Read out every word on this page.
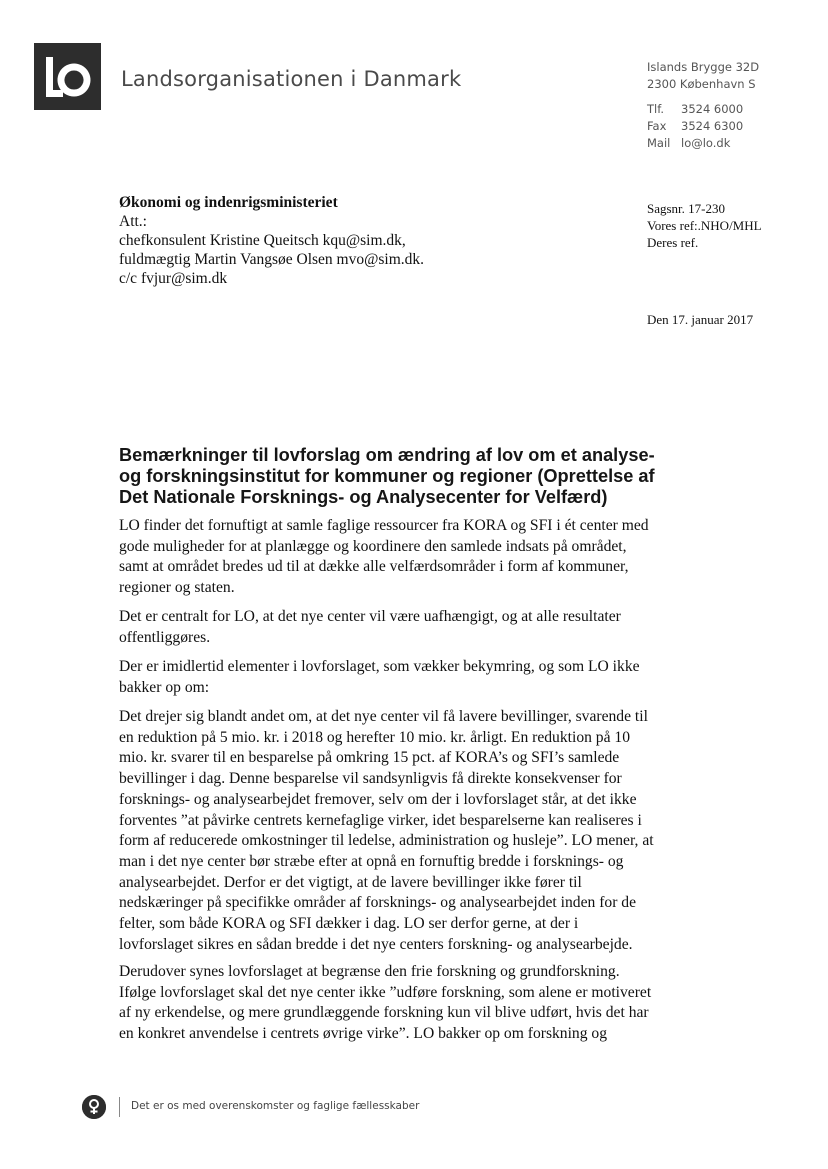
Landsorganisationen i Danmark	Islands Brygge 32D
2300 København S
Tlf. 3524 6000
Fax 3524 6300
Mail lo@lo.dk
Økonomi og indenrigsministeriet
Att.:
chefkonsulent Kristine Queitsch kqu@sim.dk,
fuldmægtig Martin Vangsøe Olsen mvo@sim.dk.
c/c fvjur@sim.dk
Sagsnr. 17-230
Vores ref:.NHO/MHL
Deres ref.
Den 17. januar 2017
Bemærkninger til lovforslag om ændring af lov om et analyse-
og forskningsinstitut for kommuner og regioner (Oprettelse af
Det Nationale Forsknings- og Analysecenter for Velfærd)
LO finder det fornuftigt at samle faglige ressourcer fra KORA og SFI i ét center med
gode muligheder for at planlægge og koordinere den samlede indsats på området,
samt at området bredes ud til at dække alle velfærdsområder i form af kommuner,
regioner og staten.
Det er centralt for LO, at det nye center vil være uafhængigt, og at alle resultater
offentliggøres.
Der er imidlertid elementer i lovforslaget, som vækker bekymring, og som LO ikke
bakker op om:
Det drejer sig blandt andet om, at det nye center vil få lavere bevillinger, svarende til
en reduktion på 5 mio. kr. i 2018 og herefter 10 mio. kr. årligt. En reduktion på 10
mio. kr. svarer til en besparelse på omkring 15 pct. af KORA’s og SFI’s samlede
bevillinger i dag. Denne besparelse vil sandsynligvis få direkte konsekvenser for
forsknings- og analysearbejdet fremover, selv om der i lovforslaget står, at det ikke
forventes ”at påvirke centrets kernefaglige virker, idet besparelserne kan realiseres i
form af reducerede omkostninger til ledelse, administration og husleje”. LO mener, at
man i det nye center bør stræbe efter at opnå en fornuftig bredde i forsknings- og
analysearbejdet. Derfor er det vigtigt, at de lavere bevillinger ikke fører til
nedskæringer på specifikke områder af forsknings- og analysearbejdet inden for de
felter, som både KORA og SFI dækker i dag. LO ser derfor gerne, at der i
lovforslaget sikres en sådan bredde i det nye centers forskning- og analysearbejde.
Derudover synes lovforslaget at begrænse den frie forskning og grundforskning.
Ifølge lovforslaget skal det nye center ikke ”udføre forskning, som alene er motiveret
af ny erkendelse, og mere grundlæggende forskning kun vil blive udført, hvis det har
en konkret anvendelse i centrets øvrige virke”. LO bakker op om forskning og
Det er os med overenskomster og faglige fællesskaber
